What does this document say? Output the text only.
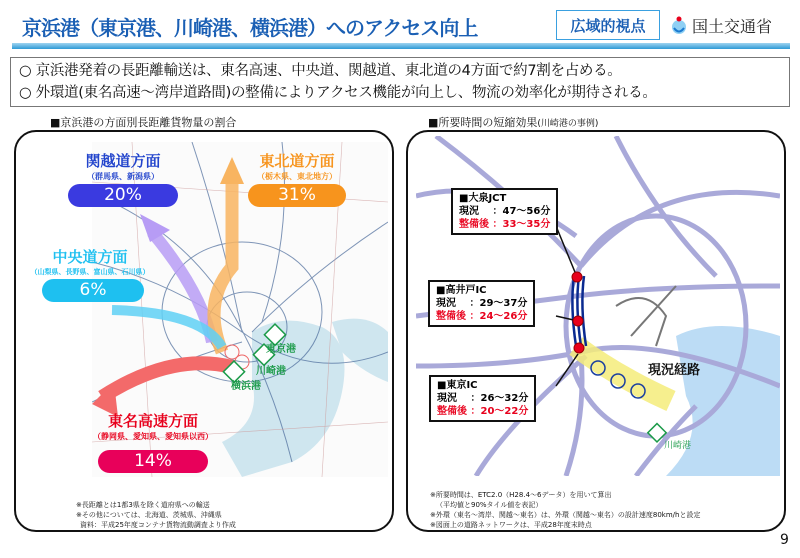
京浜港（東京港、川崎港、横浜港）へのアクセス向上	広域的視点	国土交通省
○ 京浜港発着の長距離輸送は、東名高速、中央道、関越道、東北道の4方面で約7割を占める。
○ 外環道(東名高速～湾岸道路間)の整備によりアクセス機能が向上し、物流の効率化が期待される。
■京浜港の方面別長距離貨物量の割合	■所要時間の短縮効果(川崎港の事例)
東京港
川崎港
横浜港
関越道方面
（群馬県、新潟県）
20%
東北道方面
（栃木県、東北地方）
31%
中央道方面
（山梨県、長野県、富山県、石川県）
6%
東名高速方面
（静岡県、愛知県、愛知県以西）
14%
※長距離とは1都3県を除く道府県への輸送
※その他については、北海道、茨城県、沖縄県
資料：平成25年度コンテナ貨物流動調査より作成
現況経路
川崎港
■大泉JCT
現況　 ：47～56分
整備後 ：33～35分
■高井戸IC
現況　 ：29～37分
整備後 ：24～26分
■東京IC
現況　 ：26～32分
整備後 ：20～22分
※所要時間は、ETC2.0（H28.4～6データ）を用いて算出
（平均値と90%タイル値を表記）
※外環（東名～湾岸、関越～東名）は、外環（関越～東名）の設計速度80km/hと設定
※図面上の道路ネットワークは、平成28年度末時点
9
